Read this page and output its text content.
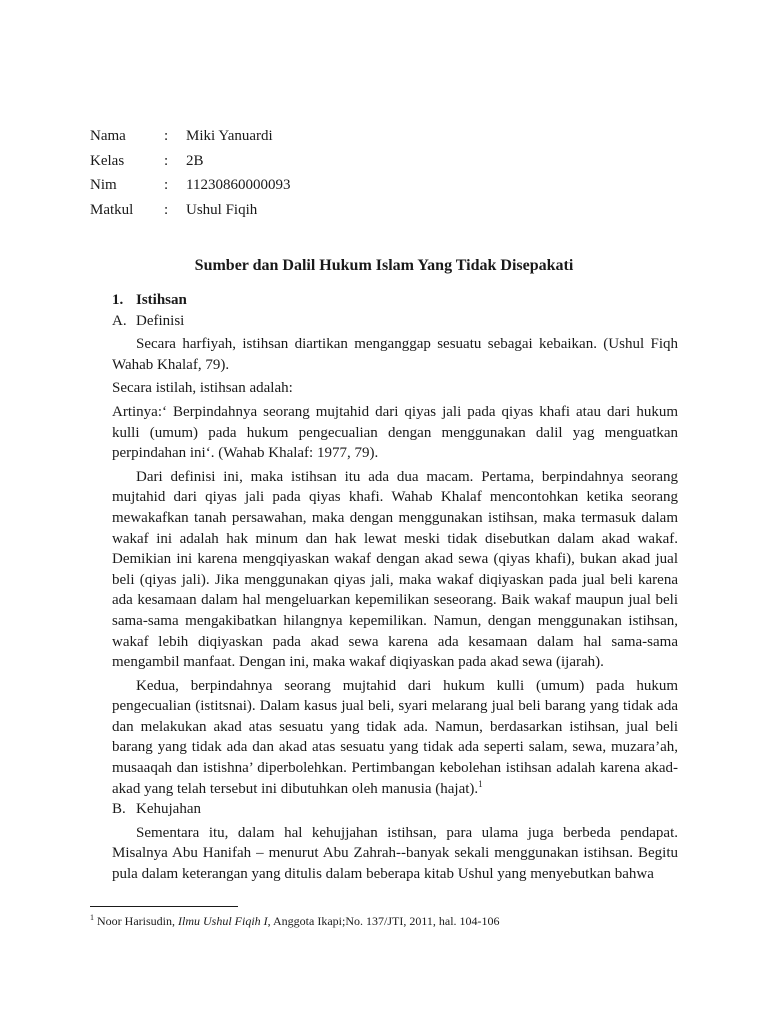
Nama	: Miki Yanuardi
Kelas	: 2B
Nim	: 11230860000093
Matkul : Ushul Fiqih
Sumber dan Dalil Hukum Islam Yang Tidak Disepakati

1. Istihsan

A. Definisi

Secara harfiyah, istihsan diartikan menganggap sesuatu sebagai kebaikan. (Ushul Fiqh Wahab Khalaf, 79).

Secara istilah, istihsan adalah:

Artinya:‘ Berpindahnya seorang mujtahid dari qiyas jali pada qiyas khafi atau dari hukum kulli (umum) pada hukum pengecualian dengan menggunakan dalil yag menguatkan perpindahan ini‘. (Wahab Khalaf: 1977, 79).

Dari definisi ini, maka istihsan itu ada dua macam. Pertama, berpindahnya seorang mujtahid dari qiyas jali pada qiyas khafi. Wahab Khalaf mencontohkan ketika seorang mewakafkan tanah persawahan, maka dengan menggunakan istihsan, maka termasuk dalam wakaf ini adalah hak minum dan hak lewat meski tidak disebutkan dalam akad wakaf. Demikian ini karena mengqiyaskan wakaf dengan akad sewa (qiyas khafi), bukan akad jual beli (qiyas jali). Jika menggunakan qiyas jali, maka wakaf diqiyaskan pada jual beli karena ada kesamaan dalam hal mengeluarkan kepemilikan seseorang. Baik wakaf maupun jual beli sama-sama mengakibatkan hilangnya kepemilikan. Namun, dengan menggunakan istihsan, wakaf lebih diqiyaskan pada akad sewa karena ada kesamaan dalam hal sama-sama mengambil manfaat. Dengan ini, maka wakaf diqiyaskan pada akad sewa (ijarah).

Kedua, berpindahnya seorang mujtahid dari hukum kulli (umum) pada hukum pengecualian (istitsnai). Dalam kasus jual beli, syari melarang jual beli barang yang tidak ada dan melakukan akad atas sesuatu yang tidak ada. Namun, berdasarkan istihsan, jual beli barang yang tidak ada dan akad atas sesuatu yang tidak ada seperti salam, sewa, muzara’ah, musaaqah dan istishna’ diperbolehkan. Pertimbangan kebolehan istihsan adalah karena akad-akad yang telah tersebut ini dibutuhkan oleh manusia (hajat).$^1$

B. Kehujahan

Sementara itu, dalam hal kehujjahan istihsan, para ulama juga berbeda pendapat. Misalnya Abu Hanifah – menurut Abu Zahrah--banyak sekali menggunakan istihsan. Begitu pula dalam keterangan yang ditulis dalam beberapa kitab Ushul yang menyebutkan bahwa

$^1$ Noor Harisudin, Ilmu Ushul Fiqih I, Anggota Ikapi;No. 137/JTI, 2011, hal. 104-106
